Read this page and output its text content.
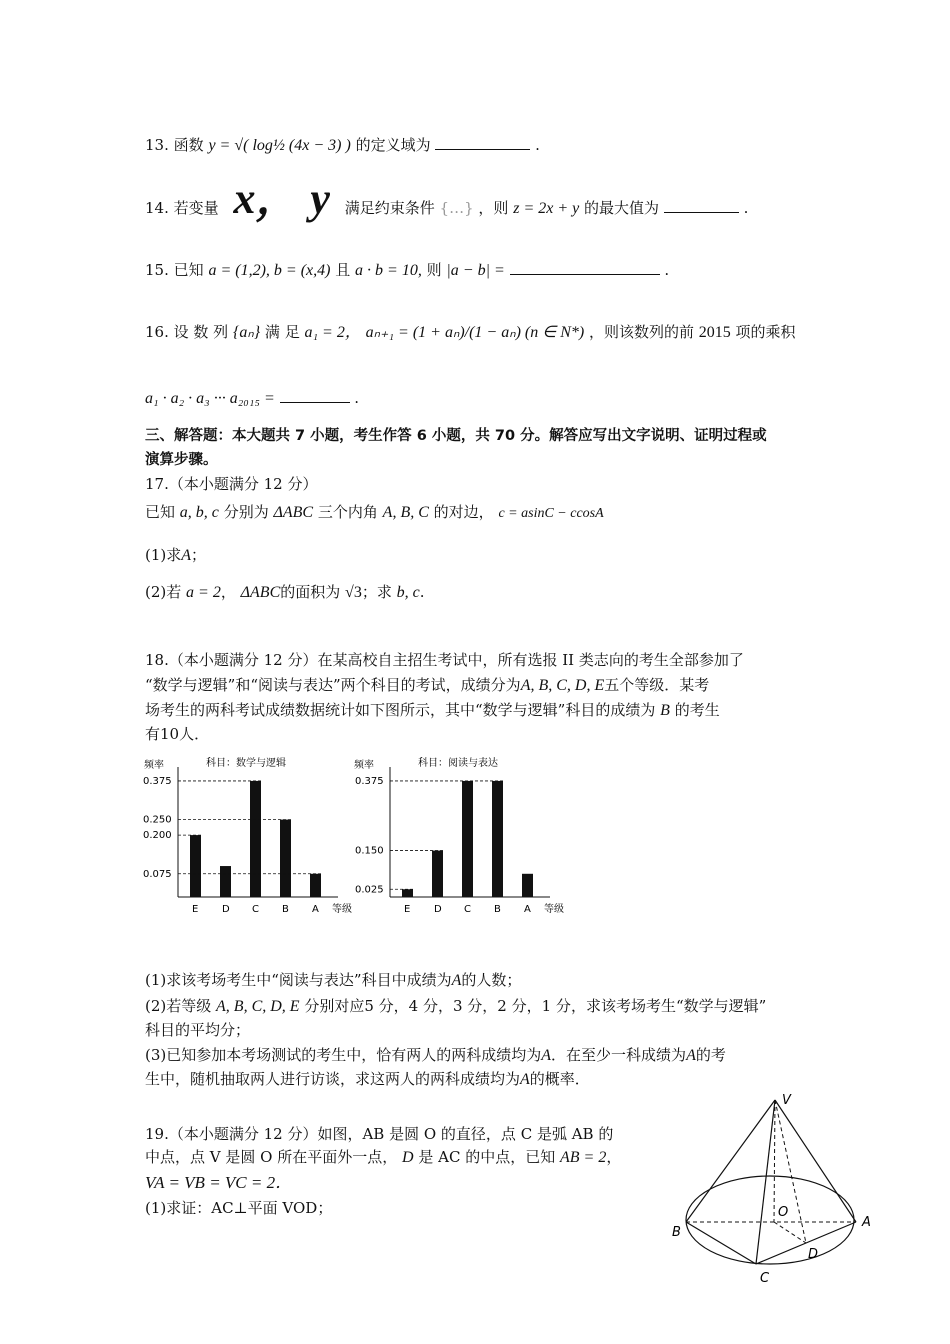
13. 函数 y = √( log½ (4x − 3) ) 的定义域为	.
14. 若变量 x， y 满足约束条件 {…} ，则 z = 2x + y 的最大值为	.
15. 已知 a = (1,2), b = (x,4) 且 a · b = 10, 则 |a − b| =	.
16. 设 数 列 {aₙ} 满 足 a₁ = 2， aₙ₊₁ = (1 + aₙ)/(1 − aₙ) (n ∈ N*) ，则该数列的前 2015 项的乘积
a₁ · a₂ · a₃ ··· a₂₀₁₅ =	.
三、解答题：本大题共 7 小题，考生作答 6 小题，共 70 分。解答应写出文字说明、证明过程或
演算步骤。
17.（本小题满分 12 分）
已知 a, b, c 分别为 ΔABC 三个内角 A, B, C 的对边， c = asinC − ccosA
(1)求A；
(2)若 a = 2， ΔABC的面积为 √3；求 b, c.
18.（本小题满分 12 分）在某高校自主招生考试中，所有选报 II 类志向的考生全部参加了
“数学与逻辑”和“阅读与表达”两个科目的考试，成绩分为A, B, C, D, E五个等级．某考
场考生的两科考试成绩数据统计如下图所示，其中“数学与逻辑”科目的成绩为 B 的考生
有10人．
频率	科目：数学与逻辑
E D C B A 等级
0.075
0.200
0.250
0.375
频率	科目：阅读与表达
E D C B A 等级
0.025
0.150
0.375
(1)求该考场考生中“阅读与表达”科目中成绩为A的人数；
(2)若等级 A, B, C, D, E 分别对应5 分，4 分，3 分，2 分，1 分，求该考场考生“数学与逻辑”
科目的平均分；
(3)已知参加本考场测试的考生中，恰有两人的两科成绩均为A．在至少一科成绩为A的考
生中，随机抽取两人进行访谈，求这两人的两科成绩均为A的概率．
19.（本小题满分 12 分）如图，AB 是圆 O 的直径，点 C 是弧 AB 的
中点，点 V 是圆 O 所在平面外一点， D 是 AC 的中点，已知 AB = 2，
VA = VB = VC = 2．
(1)求证：AC⊥平面 VOD；
V
O
A
B
C
D
